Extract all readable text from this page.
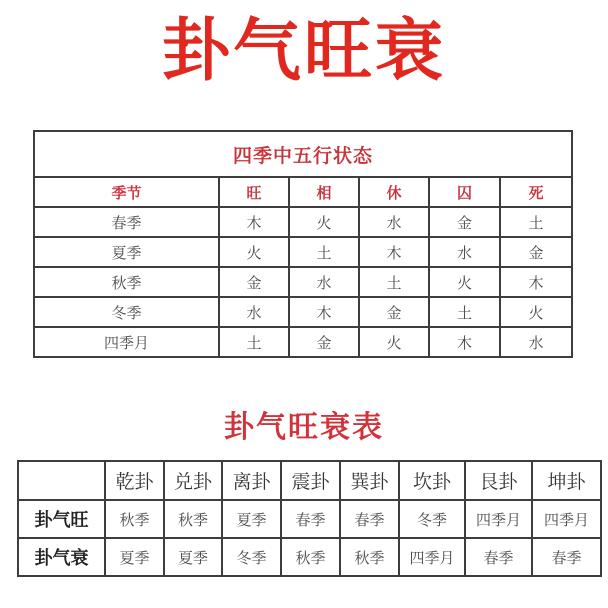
卦气旺衰
四季中五行状态					
季节	旺	相	休	囚	死
春季	木	火	水	金	土
夏季	火	土	木	水	金
秋季	金	水	土	火	木
冬季	水	木	金	土	火
四季月	土	金	火	木	水
卦气旺衰表
	乾卦	兑卦	离卦	震卦	巽卦	坎卦	艮卦	坤卦
卦气旺	秋季	秋季	夏季	春季	春季	冬季	四季月	四季月
卦气衰	夏季	夏季	冬季	秋季	秋季	四季月	春季	春季
